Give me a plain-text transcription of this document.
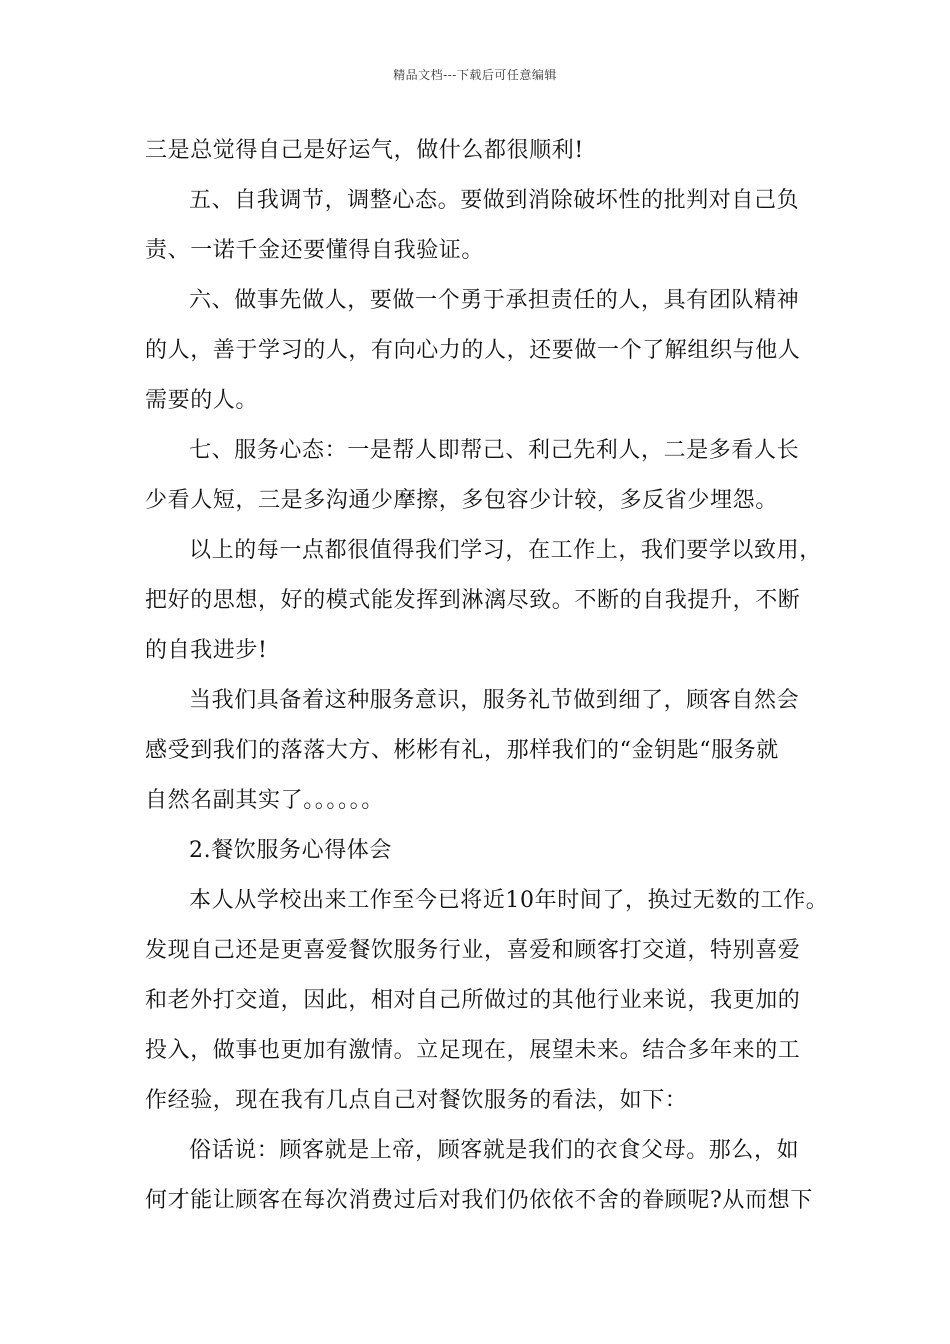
精品文档---下载后可任意编辑
三是总觉得自己是好运气，做什么都很顺利!
五、自我调节，调整心态。要做到消除破坏性的批判对自己负
责、一诺千金还要懂得自我验证。
六、做事先做人，要做一个勇于承担责任的人，具有团队精神
的人，善于学习的人，有向心力的人，还要做一个了解组织与他人
需要的人。
七、服务心态：一是帮人即帮己、利己先利人，二是多看人长
少看人短，三是多沟通少摩擦，多包容少计较，多反省少埋怨。
以上的每一点都很值得我们学习，在工作上，我们要学以致用，
把好的思想，好的模式能发挥到淋漓尽致。不断的自我提升，不断
的自我进步!
当我们具备着这种服务意识，服务礼节做到细了，顾客自然会
感受到我们的落落大方、彬彬有礼，那样我们的“金钥匙“服务就
自然名副其实了。。。。。。
2.餐饮服务心得体会
本人从学校出来工作至今已将近10年时间了，换过无数的工作。
发现自己还是更喜爱餐饮服务行业，喜爱和顾客打交道，特别喜爱
和老外打交道，因此，相对自己所做过的其他行业来说，我更加的
投入，做事也更加有激情。立足现在，展望未来。结合多年来的工
作经验，现在我有几点自己对餐饮服务的看法，如下：
俗话说：顾客就是上帝，顾客就是我们的衣食父母。那么，如
何才能让顾客在每次消费过后对我们仍依依不舍的眷顾呢?从而想下
